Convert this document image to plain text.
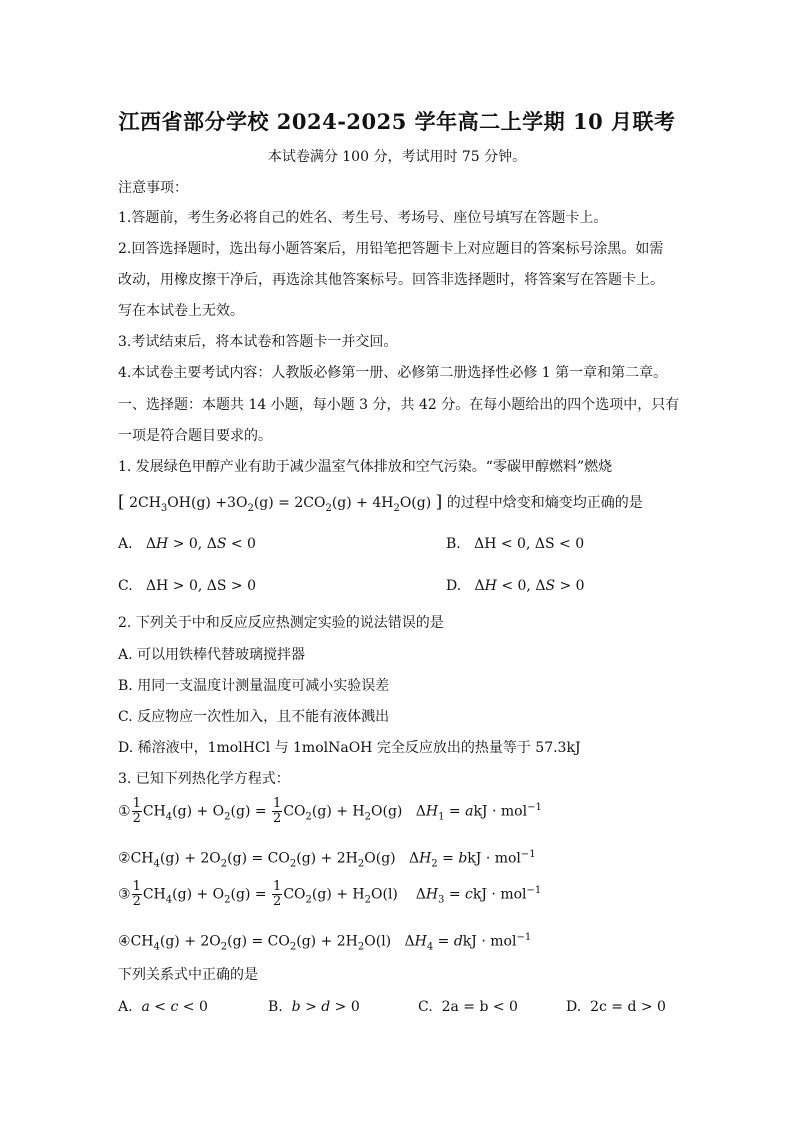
江西省部分学校 2024-2025 学年高二上学期 10 月联考
本试卷满分 100 分，考试用时 75 分钟。
注意事项：
1.答题前，考生务必将自己的姓名、考生号、考场号、座位号填写在答题卡上。
2.回答选择题时，选出每小题答案后，用铅笔把答题卡上对应题目的答案标号涂黑。如需
改动，用橡皮擦干净后，再选涂其他答案标号。回答非选择题时，将答案写在答题卡上。
写在本试卷上无效。
3.考试结束后，将本试卷和答题卡一并交回。
4.本试卷主要考试内容：人教版必修第一册、必修第二册选择性必修 1 第一章和第二章。
一、选择题：本题共 14 小题，每小题 3 分，共 42 分。在每小题给出的四个选项中，只有
一项是符合题目要求的。
1. 发展绿色甲醇产业有助于减少温室气体排放和空气污染。“零碳甲醇燃料”燃烧
[ $2CH_3OH(g) +3O_2(g) = 2CO_2(g) + 4H_2O(g)$ ] 的过程中焓变和熵变均正确的是
A.   ΔH > 0, ΔS < 0	B.   ΔH < 0, ΔS < 0
C.   ΔH > 0, ΔS > 0	D.   ΔH < 0, ΔS > 0
2. 下列关于中和反应反应热测定实验的说法错误的是
A. 可以用铁棒代替玻璃搅拌器
B. 用同一支温度计测量温度可减小实验误差
C. 反应物应一次性加入，且不能有液体溅出
D. 稀溶液中，1molHCl 与 1molNaOH 完全反应放出的热量等于 57.3kJ
3. 已知下列热化学方程式：
① $\frac{1}{2} CH_4(g) + O_2(g) = \frac{1}{2} CO_2(g) + H_2O(g) \Delta H_1$ = akJ · mol$^{-1}$
$②CH_4(g) + 2O_2(g) = CO_2(g) + 2H_2O(g) \Delta H_2$ = bkJ · mol$^{-1}$
③ $\frac{1}{2} CH_4(g) + O_2(g) = \frac{1}{2} CO_2(g) + H_2O(l)$    $\Delta H_3$ = ckJ · mol$^{-1}$
$④CH_4(g) + 2O_2(g) = CO_2(g) + 2H_2O(l) \Delta H_4$ = dkJ · mol$^{-1}$
下列关系式中正确的是
A. a < c < 0	B. b > d > 0	C.  2a = b < 0	D.  2c = d > 0
